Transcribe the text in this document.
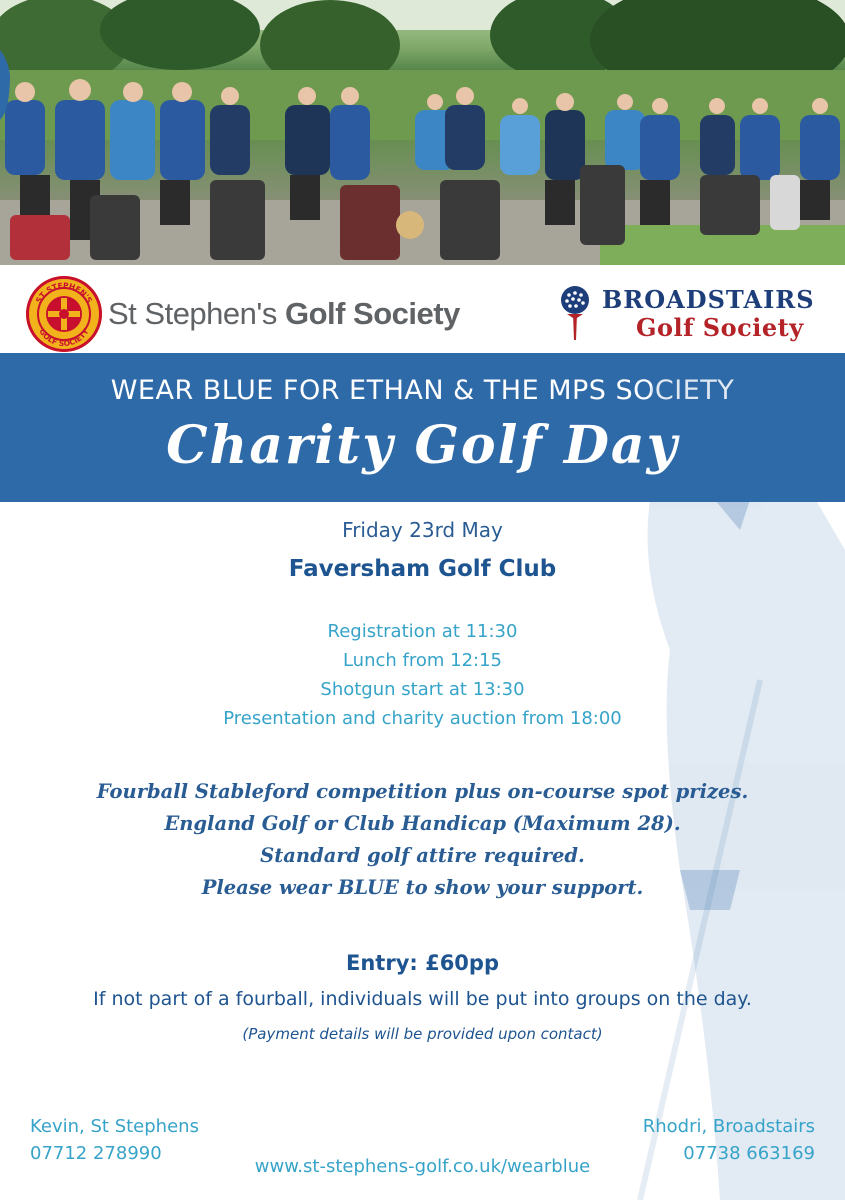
ST STEPHEN'S
GOLF SOCIETY
St Stephen's Golf Society	BROADSTAIRS
Golf Society
WEAR BLUE FOR ETHAN & THE MPS SOCIETY
Charity Golf Day
Friday 23rd May
Faversham Golf Club
Registration at 11:30
Lunch from 12:15
Shotgun start at 13:30
Presentation and charity auction from 18:00
Fourball Stableford competition plus on-course spot prizes.
England Golf or Club Handicap (Maximum 28).
Standard golf attire required.
Please wear BLUE to show your support.
Entry: £60pp
If not part of a fourball, individuals will be put into groups on the day.
(Payment details will be provided upon contact)
Kevin, St Stephens
07712 278990
Rhodri, Broadstairs
07738 663169
www.st-stephens-golf.co.uk/wearblue
